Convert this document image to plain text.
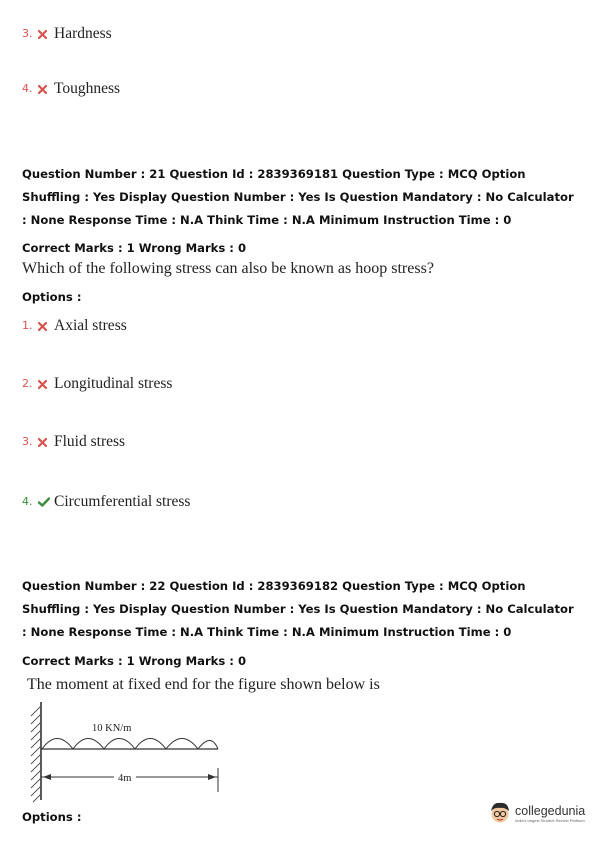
3.	Hardness
4.	Toughness
Question Number : 21 Question Id : 2839369181 Question Type : MCQ Option Shuffling : Yes Display Question Number : Yes Is Question Mandatory : No Calculator : None Response Time : N.A Think Time : N.A Minimum Instruction Time : 0
Correct Marks : 1 Wrong Marks : 0
Which of the following stress can also be known as hoop stress?
Options :
1.	Axial stress
2.	Longitudinal stress
3.	Fluid stress
4.	Circumferential stress
Question Number : 22 Question Id : 2839369182 Question Type : MCQ Option Shuffling : Yes Display Question Number : Yes Is Question Mandatory : No Calculator : None Response Time : N.A Think Time : N.A Minimum Instruction Time : 0
Correct Marks : 1 Wrong Marks : 0
The moment at fixed end for the figure shown below is
10 KN/m
4m
Options :	collegedunia
India's largest Student Review Platform
